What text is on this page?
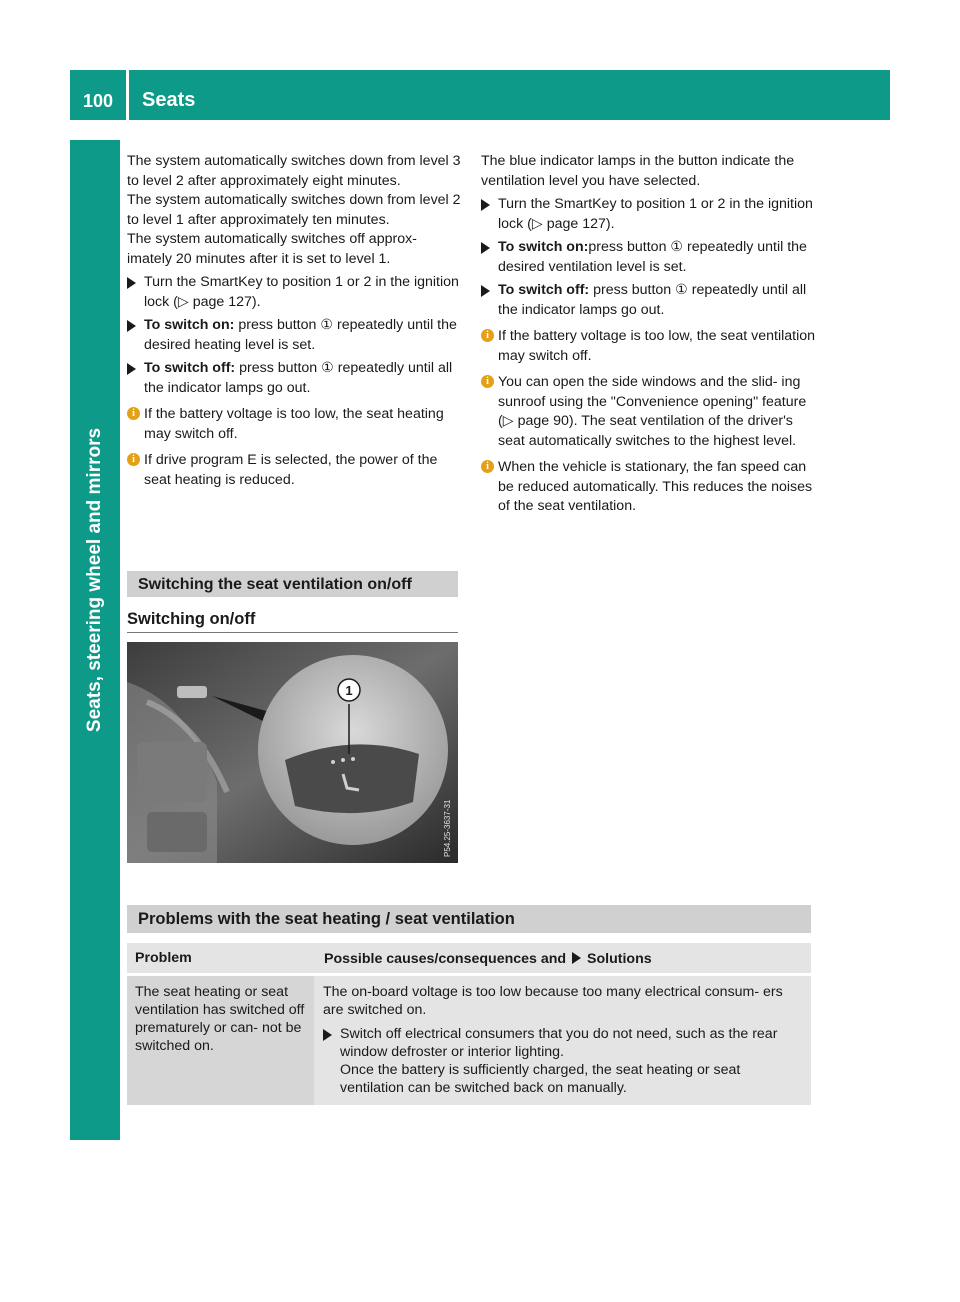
100	Seats
Seats, steering wheel and mirrors

The system automatically switches down from level 3 to level 2 after approximately eight minutes.

The system automatically switches down from level 2 to level 1 after approximately ten minutes.

The system automatically switches off approx- imately 20 minutes after it is set to level 1.

Turn the SmartKey to position 1 or 2 in the ignition lock (▷ page 127).
To switch on: press button ① repeatedly until the desired heating level is set.
To switch off: press button ① repeatedly until all the indicator lamps go out.
i If the battery voltage is too low, the seat heating may switch off.
i If drive program E is selected, the power of the seat heating is reduced.
Switching the seat ventilation on/off
Switching on/off
1
P54.25-3637-31

The blue indicator lamps in the button indicate the ventilation level you have selected.

Turn the SmartKey to position 1 or 2 in the ignition lock (▷ page 127).
To switch on:press button ① repeatedly until the desired ventilation level is set.
To switch off: press button ① repeatedly until all the indicator lamps go out.
i If the battery voltage is too low, the seat ventilation may switch off.
i You can open the side windows and the slid- ing sunroof using the "Convenience opening" feature (▷ page 90). The seat ventilation of the driver's seat automatically switches to the highest level.
i When the vehicle is stationary, the fan speed can be reduced automatically. This reduces the noises of the seat ventilation.
Problems with the seat heating / seat ventilation
Problem	Possible causes/consequences and Solutions
The seat heating or seat ventilation has switched off prematurely or can- not be switched on.
The on-board voltage is too low because too many electrical consum- ers are switched on.
Switch off electrical consumers that you do not need, such as the rear window defroster or interior lighting.
Once the battery is sufficiently charged, the seat heating or seat ventilation can be switched back on manually.
